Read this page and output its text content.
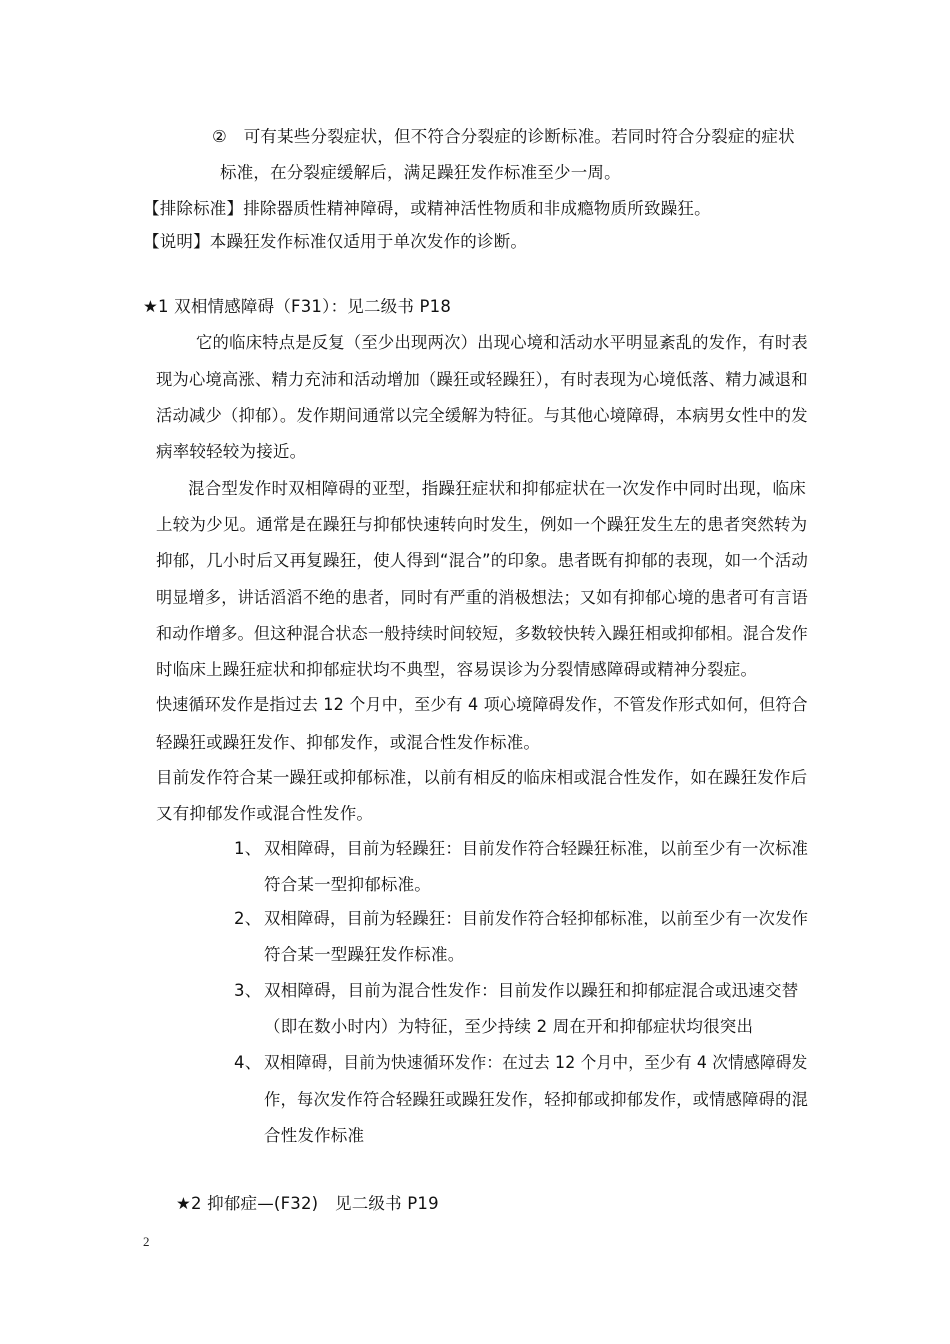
②　可有某些分裂症状，但不符合分裂症的诊断标准。若同时符合分裂症的症状
标准，在分裂症缓解后，满足躁狂发作标准至少一周。
【排除标准】排除器质性精神障碍，或精神活性物质和非成瘾物质所致躁狂。
【说明】本躁狂发作标准仅适用于单次发作的诊断。
★1 双相情感障碍（F31）：见二级书 P18
它的临床特点是反复（至少出现两次）出现心境和活动水平明显紊乱的发作，有时表
现为心境高涨、精力充沛和活动增加（躁狂或轻躁狂），有时表现为心境低落、精力减退和
活动减少（抑郁）。发作期间通常以完全缓解为特征。与其他心境障碍，本病男女性中的发
病率较轻较为接近。
混合型发作时双相障碍的亚型，指躁狂症状和抑郁症状在一次发作中同时出现，临床
上较为少见。通常是在躁狂与抑郁快速转向时发生，例如一个躁狂发生左的患者突然转为
抑郁，几小时后又再复躁狂，使人得到“混合”的印象。患者既有抑郁的表现，如一个活动
明显增多，讲话滔滔不绝的患者，同时有严重的消极想法；又如有抑郁心境的患者可有言语
和动作增多。但这种混合状态一般持续时间较短，多数较快转入躁狂相或抑郁相。混合发作
时临床上躁狂症状和抑郁症状均不典型，容易误诊为分裂情感障碍或精神分裂症。
快速循环发作是指过去 12 个月中，至少有 4 项心境障碍发作，不管发作形式如何，但符合
轻躁狂或躁狂发作、抑郁发作，或混合性发作标准。
目前发作符合某一躁狂或抑郁标准，以前有相反的临床相或混合性发作，如在躁狂发作后
又有抑郁发作或混合性发作。
1、 双相障碍，目前为轻躁狂：目前发作符合轻躁狂标准，以前至少有一次标准
符合某一型抑郁标准。
2、 双相障碍，目前为轻躁狂：目前发作符合轻抑郁标准，以前至少有一次发作
符合某一型躁狂发作标准。
3、 双相障碍，目前为混合性发作：目前发作以躁狂和抑郁症混合或迅速交替
（即在数小时内）为特征，至少持续 2 周在开和抑郁症状均很突出
4、 双相障碍，目前为快速循环发作：在过去 12 个月中，至少有 4 次情感障碍发
作，每次发作符合轻躁狂或躁狂发作，轻抑郁或抑郁发作，或情感障碍的混
合性发作标准
★2 抑郁症—(F32)　见二级书 P19
2
